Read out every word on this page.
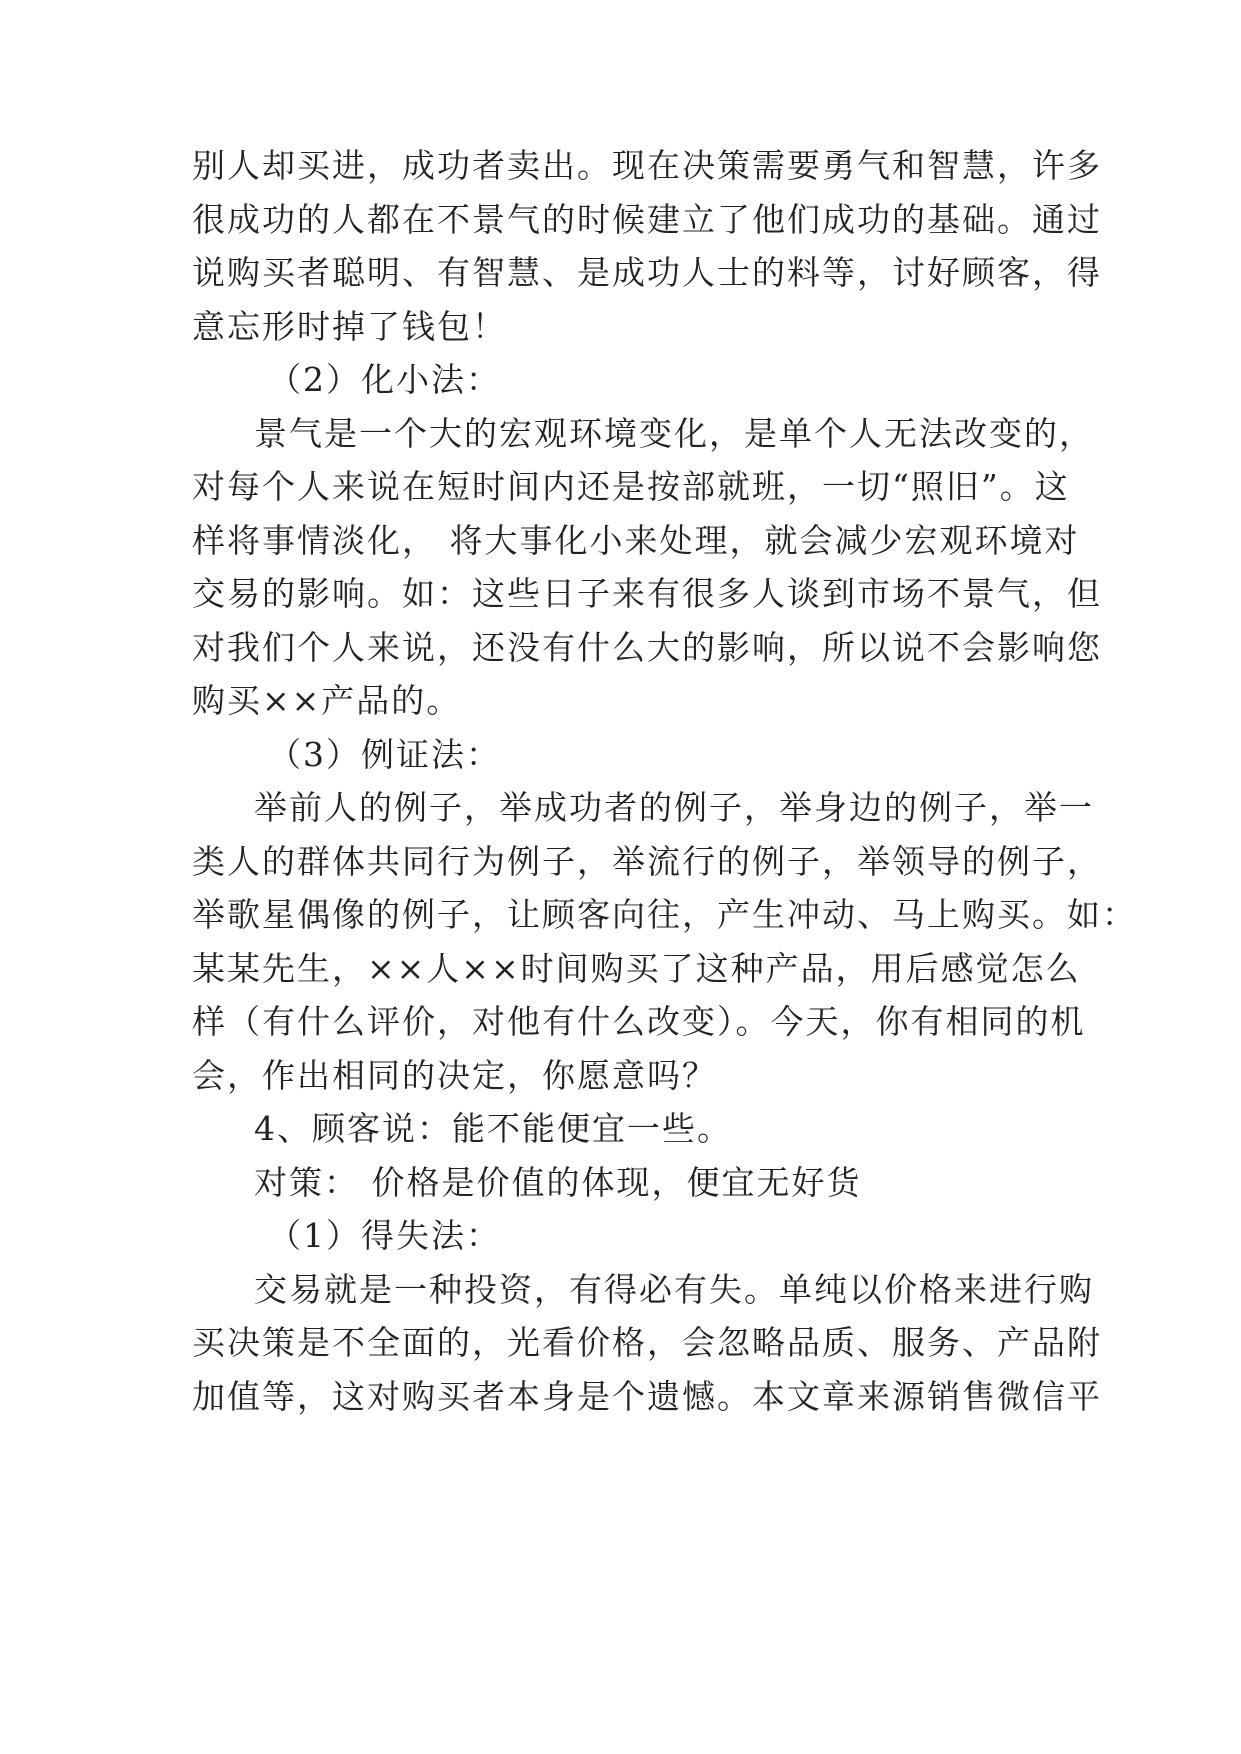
别人却买进，成功者卖出。现在决策需要勇气和智慧，许多
很成功的人都在不景气的时候建立了他们成功的基础。通过
说购买者聪明、有智慧、是成功人士的料等，讨好顾客，得
意忘形时掉了钱包！
（2）化小法：
景气是一个大的宏观环境变化，是单个人无法改变的，
对每个人来说在短时间内还是按部就班，一切“照旧”。这
样将事情淡化， 将大事化小来处理，就会减少宏观环境对
交易的影响。如：这些日子来有很多人谈到市场不景气，但
对我们个人来说，还没有什么大的影响，所以说不会影响您
购买××产品的。
（3）例证法：
举前人的例子，举成功者的例子，举身边的例子，举一
类人的群体共同行为例子，举流行的例子，举领导的例子，
举歌星偶像的例子，让顾客向往，产生冲动、马上购买。如：
某某先生，××人××时间购买了这种产品，用后感觉怎么
样（有什么评价，对他有什么改变）。今天，你有相同的机
会，作出相同的决定，你愿意吗？
4、顾客说：能不能便宜一些。
对策： 价格是价值的体现，便宜无好货
（1）得失法：
交易就是一种投资，有得必有失。单纯以价格来进行购
买决策是不全面的，光看价格，会忽略品质、服务、产品附
加值等，这对购买者本身是个遗憾。本文章来源销售微信平
